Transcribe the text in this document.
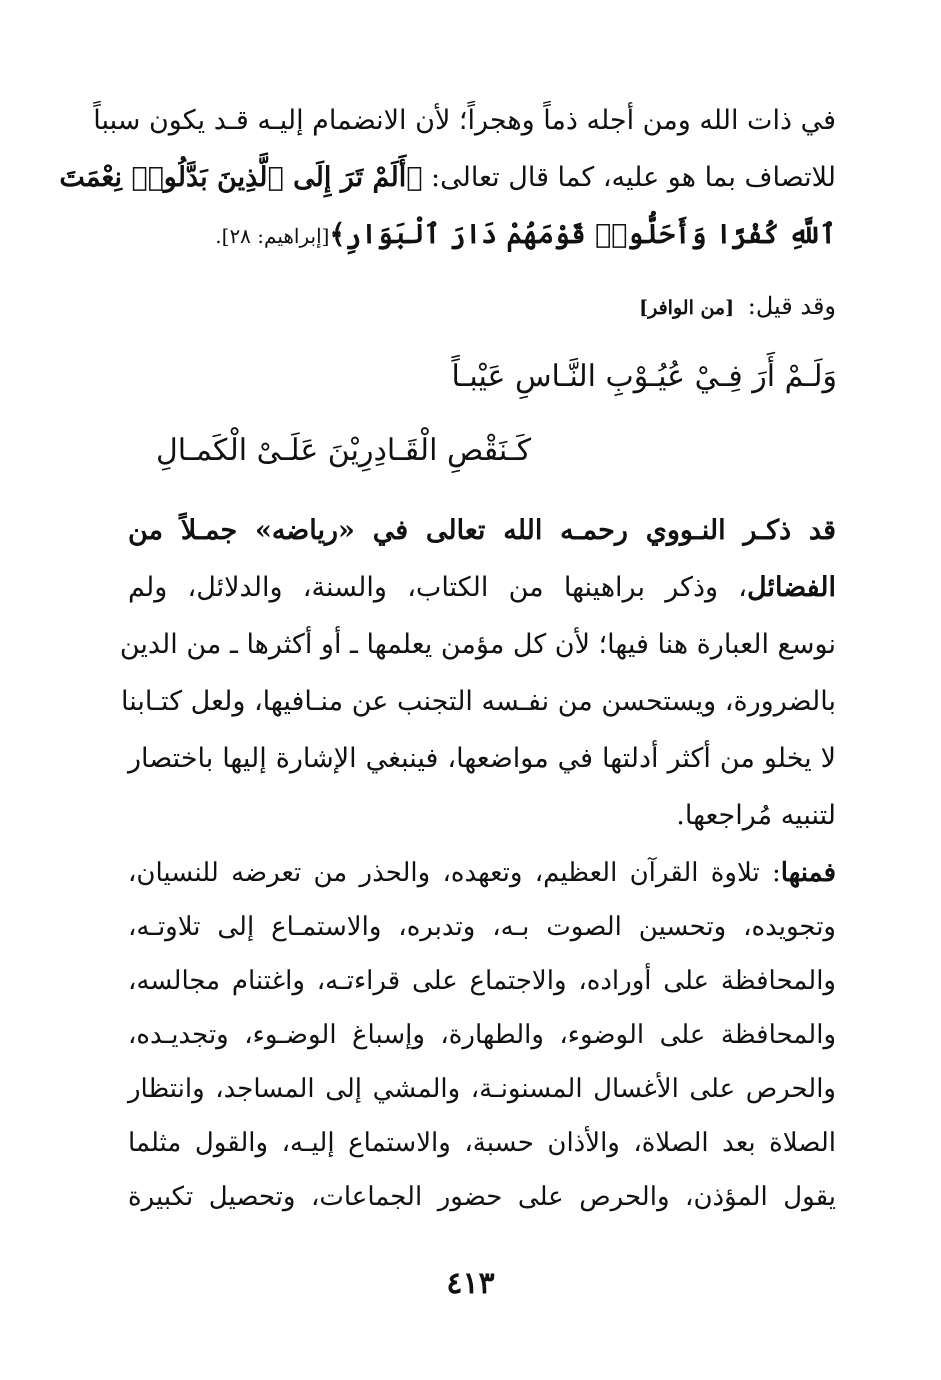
في ذات الله ومن أجله ذماً وهجراً؛ لأن الانضمام إليـه قـد يكون سبباً
للاتصاف بما هو عليه، كما قال تعالى: ﴿أَلَمْ تَرَ إِلَى ٱلَّذِينَ بَدَّلُوا۟ نِعْمَتَ
ٱللَّهِ كُفْرًا وَأَحَلُّوا۟ قَوْمَهُمْ دَارَ ٱلْبَوَارِ﴾[إبراهيم: ٢٨].
وقد قيل: [من الوافر]
وَلَـمْ أَرَ فِـيْ عُيُـوْبِ النَّـاسِ عَيْبـاً
كَـنَقْصِ الْقَـادِرِيْنَ عَلَـىْ الْكَمـالِ
قد ذكـر النـووي رحمـه الله تعالى في «رياضه» جمـلاً من
الفضائل، وذكر براهينها من الكتاب، والسنة، والدلائل، ولم
نوسع العبارة هنا فيها؛ لأن كل مؤمن يعلمها ـ أو أكثرها ـ من الدين
بالضرورة، ويستحسن من نفـسه التجنب عن منـافيها، ولعل كتـابنا
لا يخلو من أكثر أدلتها في مواضعها، فينبغي الإشارة إليها باختصار
لتنبيه مُراجعها.
فمنها: تلاوة القرآن العظيم، وتعهده، والحذر من تعرضه للنسيان،
وتجويده، وتحسين الصوت بـه، وتدبره، والاستمـاع إلى تلاوتـه،
والمحافظة على أوراده، والاجتماع على قراءتـه، واغتنام مجالسه،
والمحافظة على الوضوء، والطهارة، وإسباغ الوضـوء، وتجديـده،
والحرص على الأغسال المسنونـة، والمشي إلى المساجد، وانتظار
الصلاة بعد الصلاة، والأذان حسبة، والاستماع إليـه، والقول مثلما
يقول المؤذن، والحرص على حضور الجماعات، وتحصيل تكبيرة
٤١٣
